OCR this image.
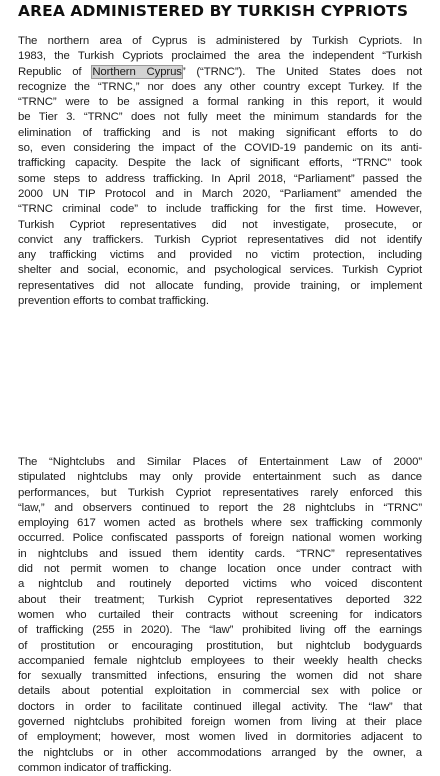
AREA ADMINISTERED BY TURKISH CYPRIOTS
The northern area of Cyprus is administered by Turkish Cypriots. In
1983, the Turkish Cypriots proclaimed the area the independent “Turkish
Republic of Northern Cyprus” (“TRNC”). The United States does not
recognize the “TRNC,” nor does any other country except Turkey. If the
“TRNC” were to be assigned a formal ranking in this report, it would
be Tier 3. “TRNC” does not fully meet the minimum standards for the
elimination of trafficking and is not making significant efforts to do
so, even considering the impact of the COVID-19 pandemic on its anti-
trafficking capacity. Despite the lack of significant efforts, “TRNC” took
some steps to address trafficking. In April 2018, “Parliament” passed the
2000 UN TIP Protocol and in March 2020, “Parliament” amended the
“TRNC criminal code” to include trafficking for the first time. However,
Turkish Cypriot representatives did not investigate, prosecute, or
convict any traffickers. Turkish Cypriot representatives did not identify
any trafficking victims and provided no victim protection, including
shelter and social, economic, and psychological services. Turkish Cypriot
representatives did not allocate funding, provide training, or implement
prevention efforts to combat trafficking.
The “Nightclubs and Similar Places of Entertainment Law of 2000”
stipulated nightclubs may only provide entertainment such as dance
performances, but Turkish Cypriot representatives rarely enforced this
“law,” and observers continued to report the 28 nightclubs in “TRNC”
employing 617 women acted as brothels where sex trafficking commonly
occurred. Police confiscated passports of foreign national women working
in nightclubs and issued them identity cards. “TRNC” representatives
did not permit women to change location once under contract with
a nightclub and routinely deported victims who voiced discontent
about their treatment; Turkish Cypriot representatives deported 322
women who curtailed their contracts without screening for indicators
of trafficking (255 in 2020). The “law” prohibited living off the earnings
of prostitution or encouraging prostitution, but nightclub bodyguards
accompanied female nightclub employees to their weekly health checks
for sexually transmitted infections, ensuring the women did not share
details about potential exploitation in commercial sex with police or
doctors in order to facilitate continued illegal activity. The “law” that
governed nightclubs prohibited foreign women from living at their place
of employment; however, most women lived in dormitories adjacent to
the nightclubs or in other accommodations arranged by the owner, a
common indicator of trafficking.
